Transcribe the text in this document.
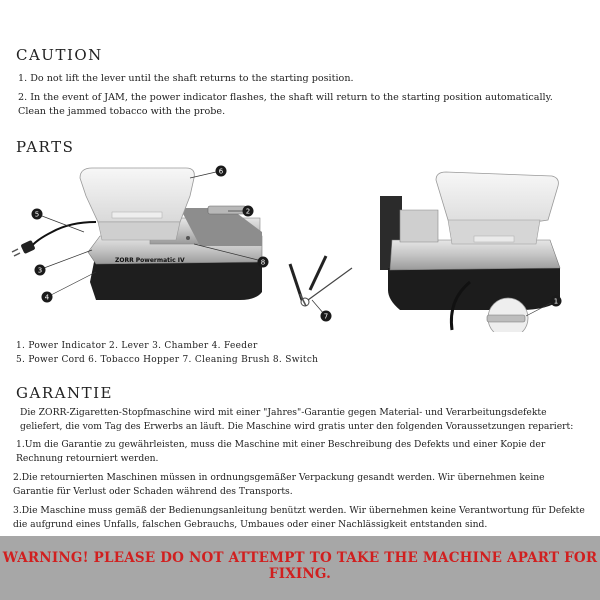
CAUTION

1. Do not lift the lever until the shaft returns to the starting position.

2. In the event of JAM, the power indicator flashes, the shaft will return to the starting position automatically.

Clean the jammed tobacco with the probe.

PARTS
ZORR Powermatic IV
6
2
8
5
3
4
7
1

1. Power Indicator 2. Lever 3. Chamber 4. Feeder

5. Power Cord 6. Tobacco Hopper 7. Cleaning Brush 8. Switch

GARANTIE

Die ZORR-Zigaretten-Stopfmaschine wird mit einer "Jahres"-Garantie gegen Material- und Verarbeitungsdefekte geliefert, die vom Tag des Erwerbs an läuft. Die Maschine wird gratis unter den folgenden Voraussetzungen repariert:

1.Um die Garantie zu gewährleisten, muss die Maschine mit einer Beschreibung des Defekts und einer Kopie der Rechnung retourniert werden.

2.Die retournierten Maschinen müssen in ordnungsgemäßer Verpackung gesandt werden. Wir übernehmen keine Garantie für Verlust oder Schaden während des Transports.

3.Die Maschine muss gemäß der Bedienungsanleitung benützt werden. Wir übernehmen keine Verantwortung für Defekte die aufgrund eines Unfalls, falschen Gebrauchs, Umbaues oder einer Nachlässigkeit entstanden sind.

WARNING! PLEASE DO NOT ATTEMPT TO TAKE THE MACHINE APART FOR FIXING.
